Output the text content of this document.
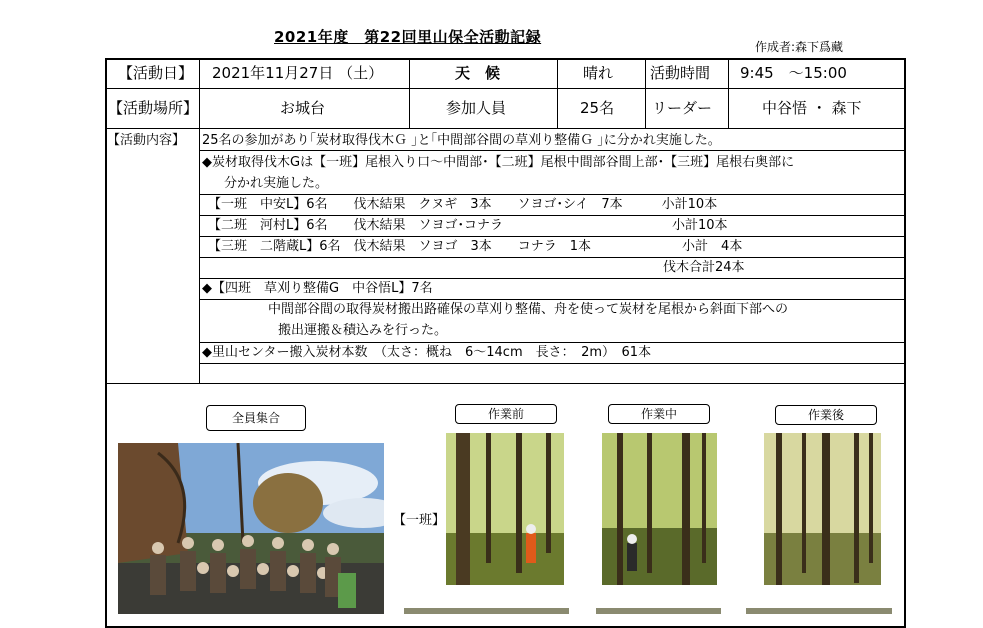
2021年度　第22回里山保全活動記録
作成者:森下爲藏
【活動日】 2021年11月27日 （土）	天　候	晴れ 活動時間 9:45　～15:00
【活動場所】	お城台	参加人員	25名	リーダー	中谷悟 ・ 森下
【活動内容】 25名の参加があり｢炭材取得伐木Ｇ ｣と｢中間部谷間の草刈り整備Ｇ ｣に分かれ実施した。
◆炭材取得伐木Gは【一班】尾根入り口～中間部･【二班】尾根中間部谷間上部･【三班】尾根右奥部に
分かれ実施した。
【一班　中安L】6名　　伐木結果　クヌギ　3本　　ソヨゴ･シイ　7本　　　小計10本
【二班　河村L】6名　　伐木結果　ソヨゴ･コナラ　　　　　　　　　　　　　小計10本
【三班　二階蔵L】6名　伐木結果　ソヨゴ　3本　　コナラ　1本　　　　　　　小計　4本
伐木合計24本
◆【四班　草刈り整備G　中谷悟L】7名
中間部谷間の取得炭材搬出路確保の草刈り整備、舟を使って炭材を尾根から斜面下部への
搬出運搬＆積込みを行った。
◆里山センター搬入炭材本数　（太さ：概ね　6～14cm　長さ：　2m）　61本
全員集合	作業前	作業中	作業後
【一班】
